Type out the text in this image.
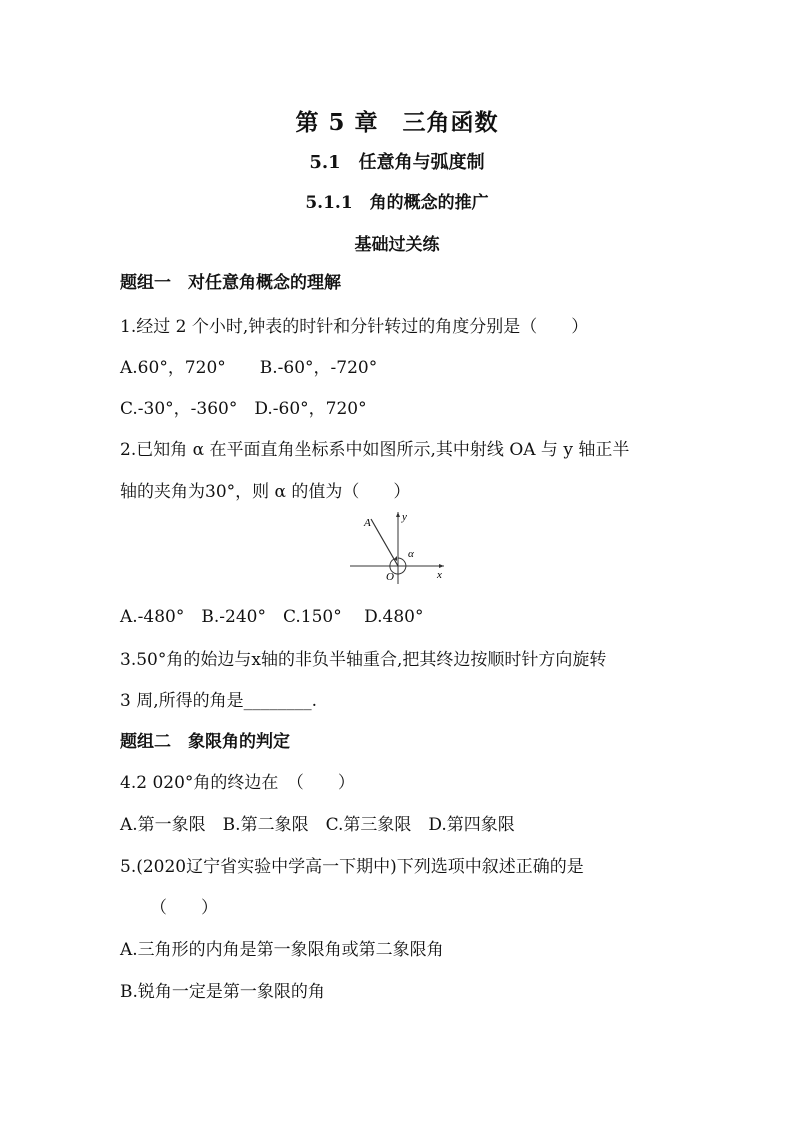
第 5 章　三角函数
5.1　任意角与弧度制
5.1.1　角的概念的推广
基础过关练
题组一　对任意角概念的理解
1.经过 2 个小时,钟表的时针和分针转过的角度分别是（　　）
A.60°，720°　　B.-60°，-720°
C.-30°，-360°　D.-60°，720°
2.已知角 α 在平面直角坐标系中如图所示,其中射线 OA 与 y 轴正半
轴的夹角为30°，则 α 的值为（　　）
A	y
x
O
α
A.-480°　B.-240°　C.150°　 D.480°
3.50°角的始边与x轴的非负半轴重合,把其终边按顺时针方向旋转
3 周,所得的角是________.
题组二　象限角的判定
4.2 020°角的终边在　（　　）
A.第一象限　B.第二象限　C.第三象限　D.第四象限
5.(2020辽宁省实验中学高一下期中)下列选项中叙述正确的是
（　　）
A.三角形的内角是第一象限角或第二象限角
B.锐角一定是第一象限的角
